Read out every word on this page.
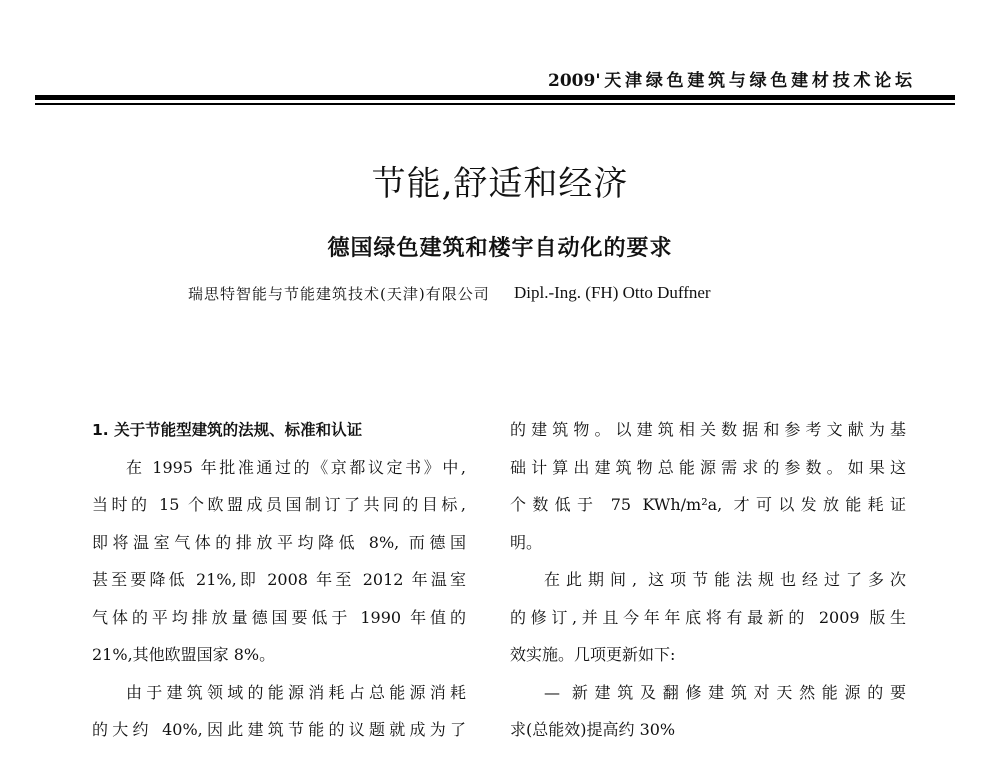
2009'天津绿色建筑与绿色建材技术论坛
节能,舒适和经济
德国绿色建筑和楼宇自动化的要求
瑞思特智能与节能建筑技术(天津)有限公司 Dipl.-Ing. (FH) Otto Duffner
1. 关于节能型建筑的法规、标准和认证
在 1995 年批准通过的《京都议定书》中,
当时的 15 个欧盟成员国制订了共同的目标,
即将温室气体的排放平均降低 8%, 而德国
甚至要降低 21%,即 2008 年至 2012 年温室
气体的平均排放量德国要低于 1990 年值的
21%,其他欧盟国家 8%。
由于建筑领域的能源消耗占总能源消耗
的大约 40%,因此建筑节能的议题就成为了
的建筑物。以建筑相关数据和参考文献为基
础计算出建筑物总能源需求的参数。如果这
个数低于 75 KWh/m²a, 才可以发放能耗证
明。
在此期间, 这项节能法规也经过了多次
的修订,并且今年年底将有最新的 2009 版生
效实施。几项更新如下:
— 新建筑及翻修建筑对天然能源的要
求(总能效)提高约 30%
